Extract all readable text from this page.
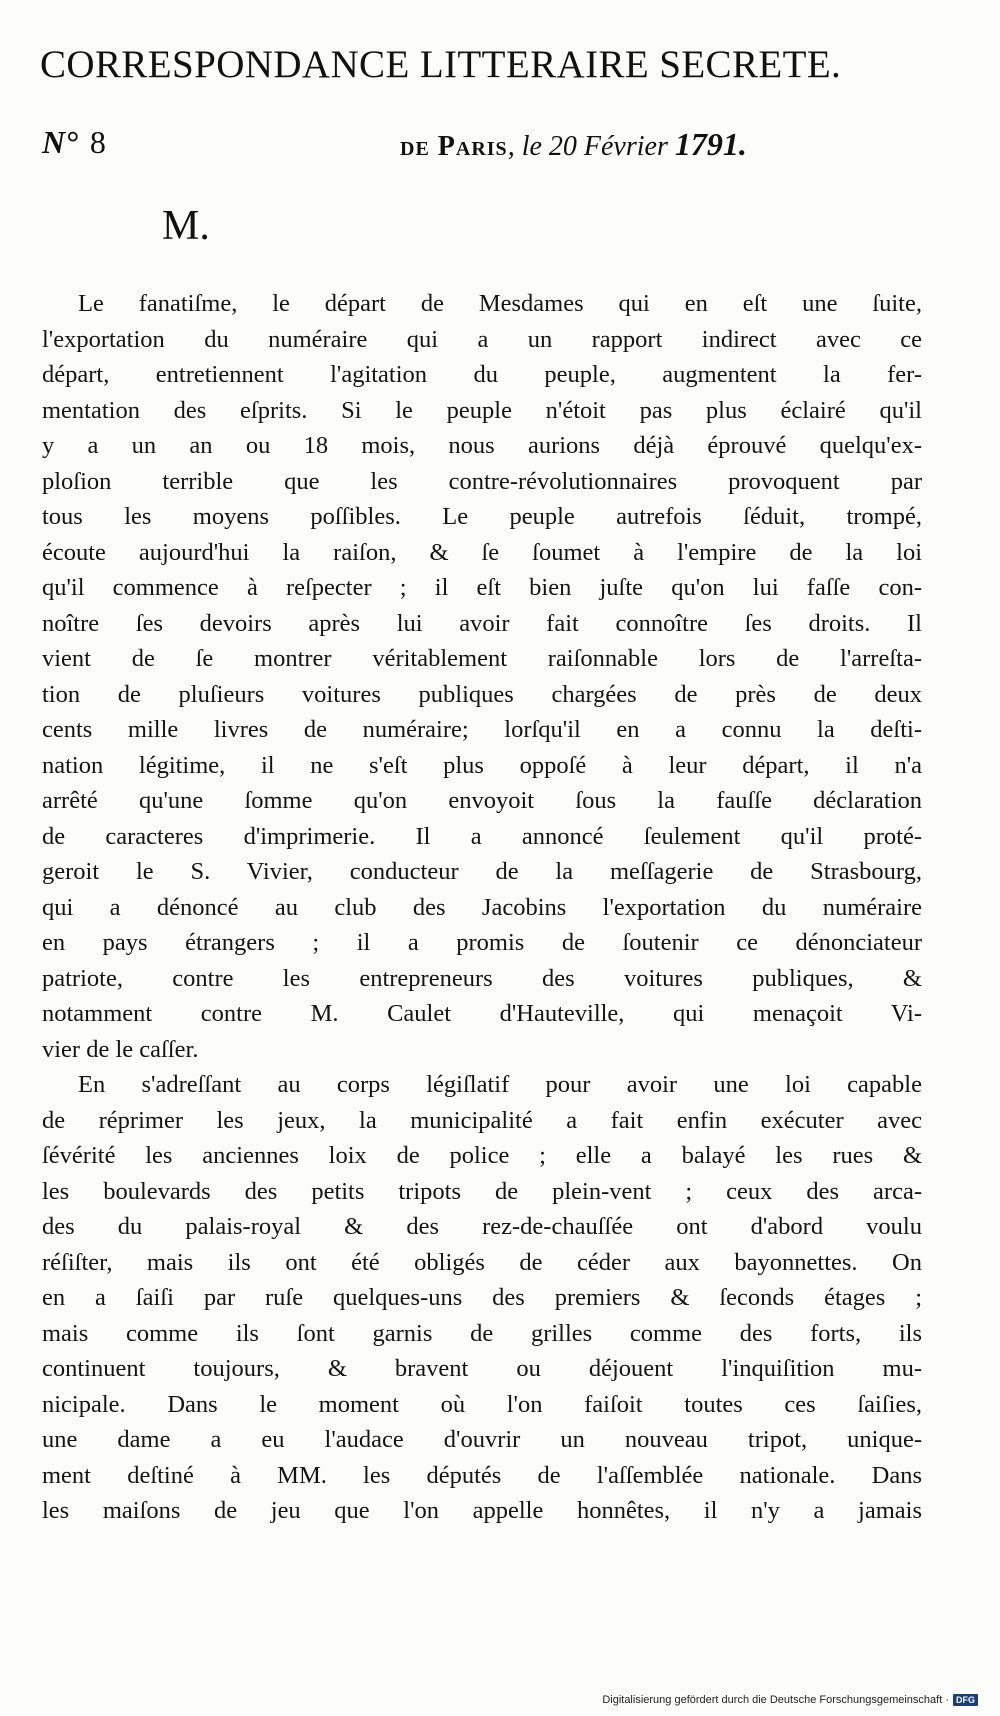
CORRESPONDANCE LITTERAIRE SECRETE.
N° 8	de Paris, le 20 Février 1791.
M.
Le fanatiſme, le départ de Mesdames qui en eſt une ſuite,
l'exportation du numéraire qui a un rapport indirect avec ce
départ, entretiennent l'agitation du peuple, augmentent la fer-
mentation des eſprits. Si le peuple n'étoit pas plus éclairé qu'il
y a un an ou 18 mois, nous aurions déjà éprouvé quelqu'ex-
ploſion terrible que les contre-révolutionnaires provoquent par
tous les moyens poſſibles. Le peuple autrefois ſéduit, trompé,
écoute aujourd'hui la raiſon, & ſe ſoumet à l'empire de la loi
qu'il commence à reſpecter ; il eſt bien juſte qu'on lui faſſe con-
noître ſes devoirs après lui avoir fait connoître ſes droits. Il
vient de ſe montrer véritablement raiſonnable lors de l'arreſta-
tion de pluſieurs voitures publiques chargées de près de deux
cents mille livres de numéraire; lorſqu'il en a connu la deſti-
nation légitime, il ne s'eſt plus oppoſé à leur départ, il n'a
arrêté qu'une ſomme qu'on envoyoit ſous la fauſſe déclaration
de caracteres d'imprimerie. Il a annoncé ſeulement qu'il proté-
geroit le S. Vivier, conducteur de la meſſagerie de Strasbourg,
qui a dénoncé au club des Jacobins l'exportation du numéraire
en pays étrangers ; il a promis de ſoutenir ce dénonciateur
patriote, contre les entrepreneurs des voitures publiques, &
notamment contre M. Caulet d'Hauteville, qui menaçoit Vi-
vier de le caſſer.
En s'adreſſant au corps légiſlatif pour avoir une loi capable
de réprimer les jeux, la municipalité a fait enfin exécuter avec
ſévérité les anciennes loix de police ; elle a balayé les rues &
les boulevards des petits tripots de plein-vent ; ceux des arca-
des du palais-royal & des rez-de-chauſſée ont d'abord voulu
réſiſter, mais ils ont été obligés de céder aux bayonnettes. On
en a ſaiſi par ruſe quelques-uns des premiers & ſeconds étages ;
mais comme ils ſont garnis de grilles comme des forts, ils
continuent toujours, & bravent ou déjouent l'inquiſition mu-
nicipale. Dans le moment où l'on faiſoit toutes ces ſaiſies,
une dame a eu l'audace d'ouvrir un nouveau tripot, unique-
ment deſtiné à MM. les députés de l'aſſemblée nationale. Dans
les maiſons de jeu que l'on appelle honnêtes, il n'y a jamais
Digitalisierung gefördert durch die Deutsche Forschungsgemeinschaft · DFG
